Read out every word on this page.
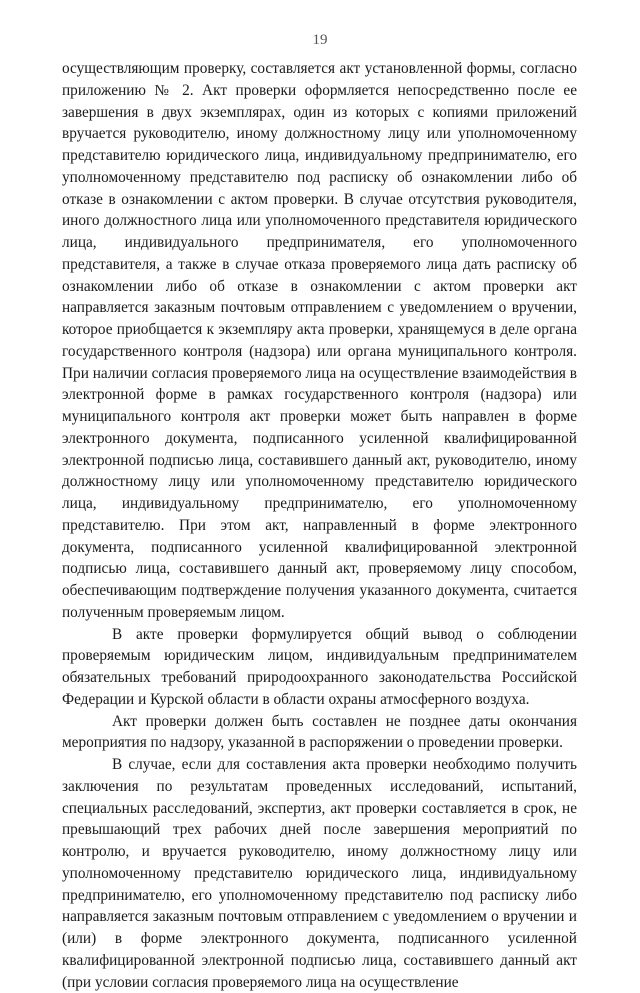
19

осуществляющим проверку, составляется акт установленной формы, согласно приложению № 2. Акт проверки оформляется непосредственно после ее завершения в двух экземплярах, один из которых с копиями приложений вручается руководителю, иному должностному лицу или уполномоченному представителю юридического лица, индивидуальному предпринимателю, его уполномоченному представителю под расписку об ознакомлении либо об отказе в ознакомлении с актом проверки. В случае отсутствия руководителя, иного должностного лица или уполномоченного представителя юридического лица, индивидуального предпринимателя, его уполномоченного представителя, а также в случае отказа проверяемого лица дать расписку об ознакомлении либо об отказе в ознакомлении с актом проверки акт направляется заказным почтовым отправлением с уведомлением о вручении, которое приобщается к экземпляру акта проверки, хранящемуся в деле органа государственного контроля (надзора) или органа муниципального контроля. При наличии согласия проверяемого лица на осуществление взаимодействия в электронной форме в рамках государственного контроля (надзора) или муниципального контроля акт проверки может быть направлен в форме электронного документа, подписанного усиленной квалифицированной электронной подписью лица, составившего данный акт, руководителю, иному должностному лицу или уполномоченному представителю юридического лица, индивидуальному предпринимателю, его уполномоченному представителю. При этом акт, направленный в форме электронного документа, подписанного усиленной квалифицированной электронной подписью лица, составившего данный акт, проверяемому лицу способом, обеспечивающим подтверждение получения указанного документа, считается полученным проверяемым лицом.

В акте проверки формулируется общий вывод о соблюдении проверяемым юридическим лицом, индивидуальным предпринимателем обязательных требований природоохранного законодательства Российской Федерации и Курской области в области охраны атмосферного воздуха.

Акт проверки должен быть составлен не позднее даты окончания мероприятия по надзору, указанной в распоряжении о проведении проверки.

В случае, если для составления акта проверки необходимо получить заключения по результатам проведенных исследований, испытаний, специальных расследований, экспертиз, акт проверки составляется в срок, не превышающий трех рабочих дней после завершения мероприятий по контролю, и вручается руководителю, иному должностному лицу или уполномоченному представителю юридического лица, индивидуальному предпринимателю, его уполномоченному представителю под расписку либо направляется заказным почтовым отправлением с уведомлением о вручении и (или) в форме электронного документа, подписанного усиленной квалифицированной электронной подписью лица, составившего данный акт (при условии согласия проверяемого лица на осуществление
